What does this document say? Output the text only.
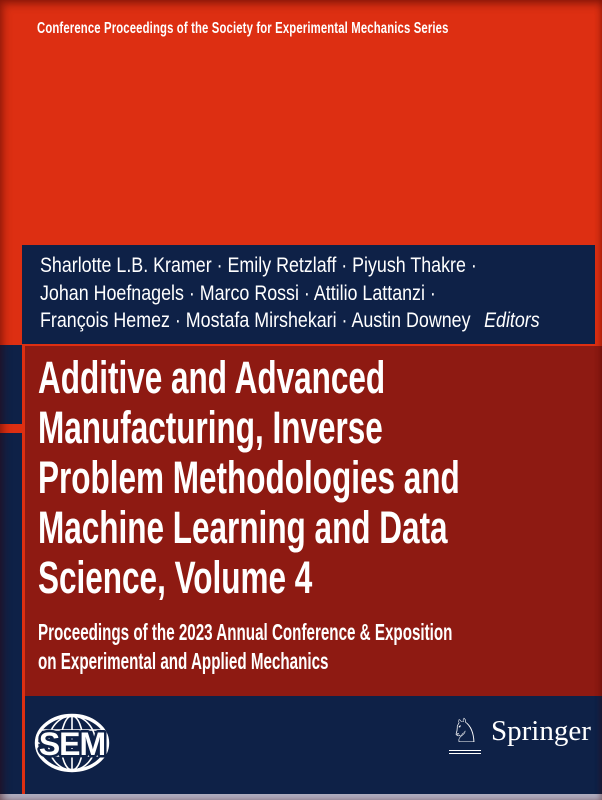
Conference Proceedings of the Society for Experimental Mechanics Series
Sharlotte L.B. Kramer · Emily Retzlaff · Piyush Thakre ·
Johan Hoefnagels · Marco Rossi · Attilio Lattanzi ·
François Hemez · Mostafa Mirshekari · Austin Downey Editors
Additive and Advanced
Manufacturing, Inverse
Problem Methodologies and
Machine Learning and Data
Science, Volume 4
Proceedings of the 2023 Annual Conference & Exposition
on Experimental and Applied Mechanics
SEM	♘ Springer
